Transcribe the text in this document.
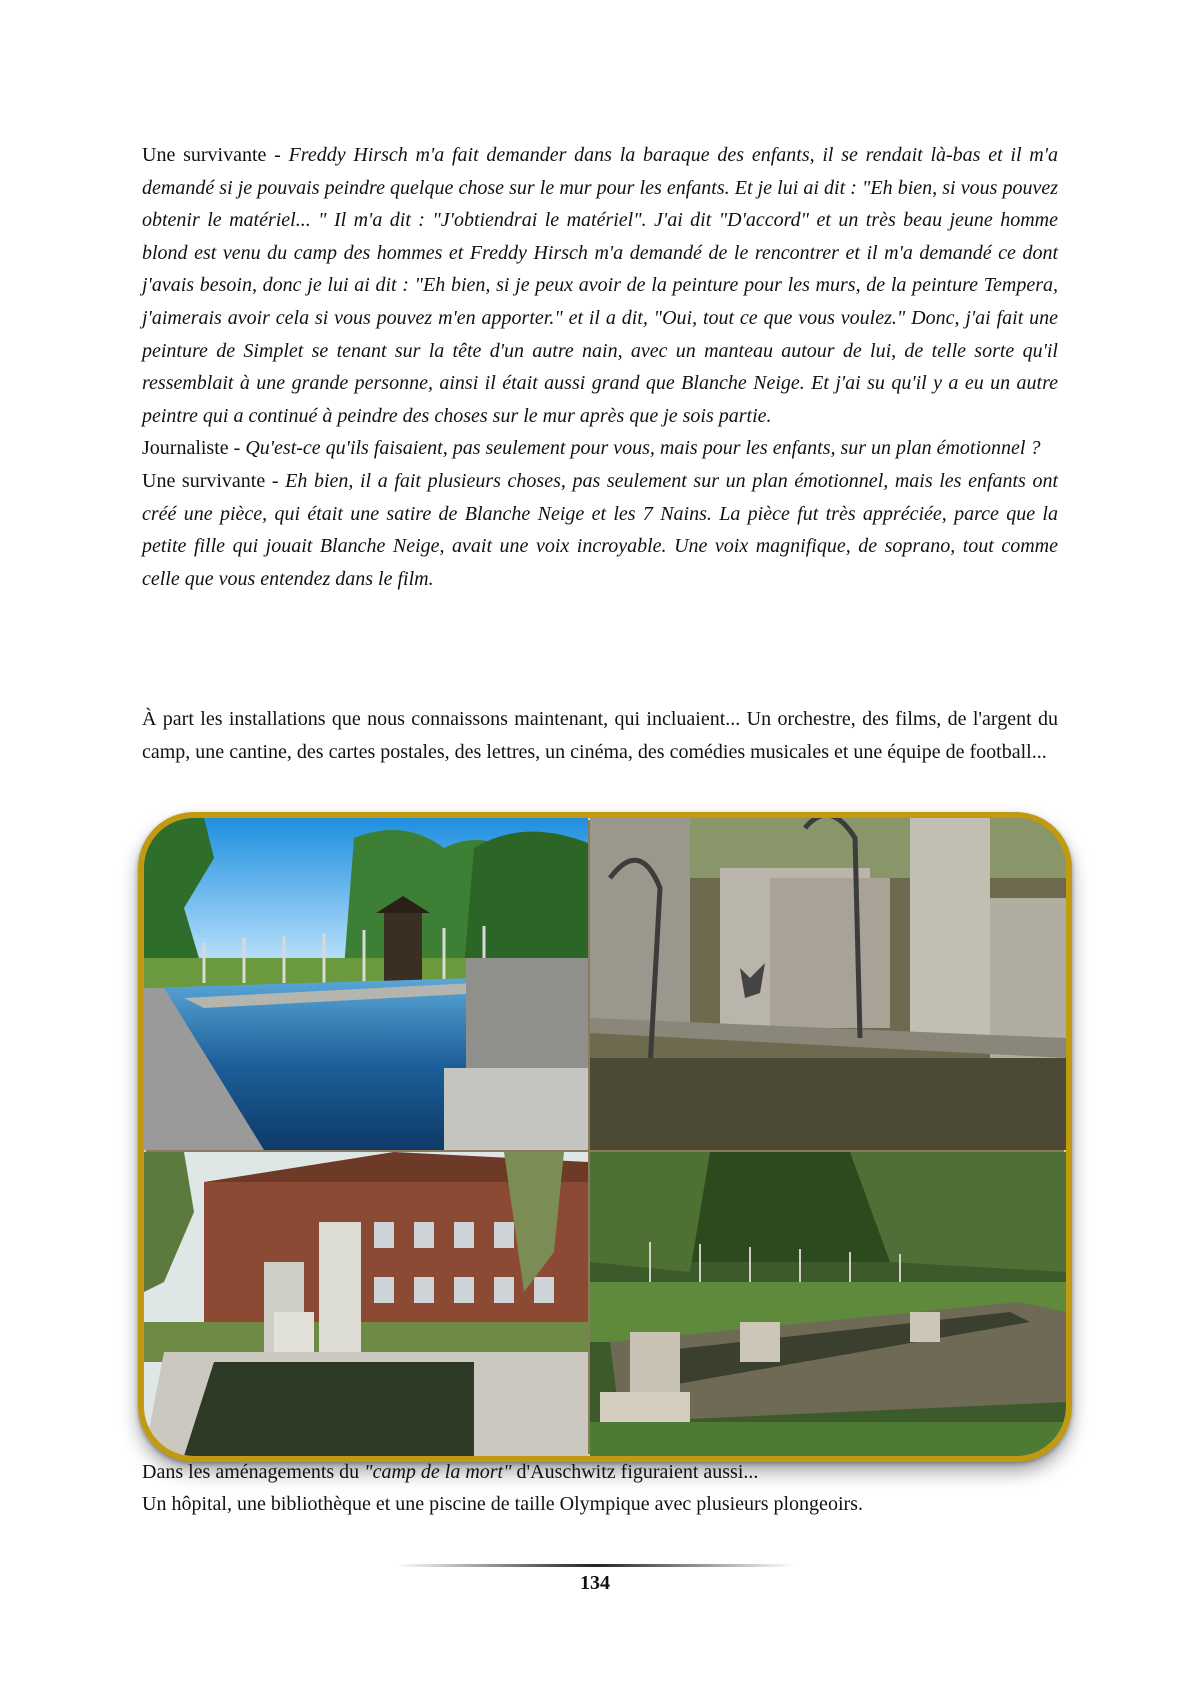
Une survivante - Freddy Hirsch m'a fait demander dans la baraque des enfants, il se rendait là-bas et il m'a demandé si je pouvais peindre quelque chose sur le mur pour les enfants. Et je lui ai dit : "Eh bien, si vous pouvez obtenir le matériel... " Il m'a dit : "J'obtiendrai le matériel". J'ai dit "D'accord" et un très beau jeune homme blond est venu du camp des hommes et Freddy Hirsch m'a demandé de le rencontrer et il m'a demandé ce dont j'avais besoin, donc je lui ai dit : "Eh bien, si je peux avoir de la peinture pour les murs, de la peinture Tempera, j'aimerais avoir cela si vous pouvez m'en apporter." et il a dit, "Oui, tout ce que vous voulez." Donc, j'ai fait une peinture de Simplet se tenant sur la tête d'un autre nain, avec un manteau autour de lui, de telle sorte qu'il ressemblait à une grande personne, ainsi il était aussi grand que Blanche Neige. Et j'ai su qu'il y a eu un autre peintre qui a continué à peindre des choses sur le mur après que je sois partie.

Journaliste - Qu'est-ce qu'ils faisaient, pas seulement pour vous, mais pour les enfants, sur un plan émotionnel ?

Une survivante - Eh bien, il a fait plusieurs choses, pas seulement sur un plan émotionnel, mais les enfants ont créé une pièce, qui était une satire de Blanche Neige et les 7 Nains. La pièce fut très appréciée, parce que la petite fille qui jouait Blanche Neige, avait une voix incroyable. Une voix magnifique, de soprano, tout comme celle que vous entendez dans le film.

À part les installations que nous connaissons maintenant, qui incluaient... Un orchestre, des films, de l'argent du camp, une cantine, des cartes postales, des lettres, un cinéma, des comédies musicales et une équipe de football...

Dans les aménagements du "camp de la mort" d'Auschwitz figuraient aussi...

Un hôpital, une bibliothèque et une piscine de taille Olympique avec plusieurs plongeoirs.

134
